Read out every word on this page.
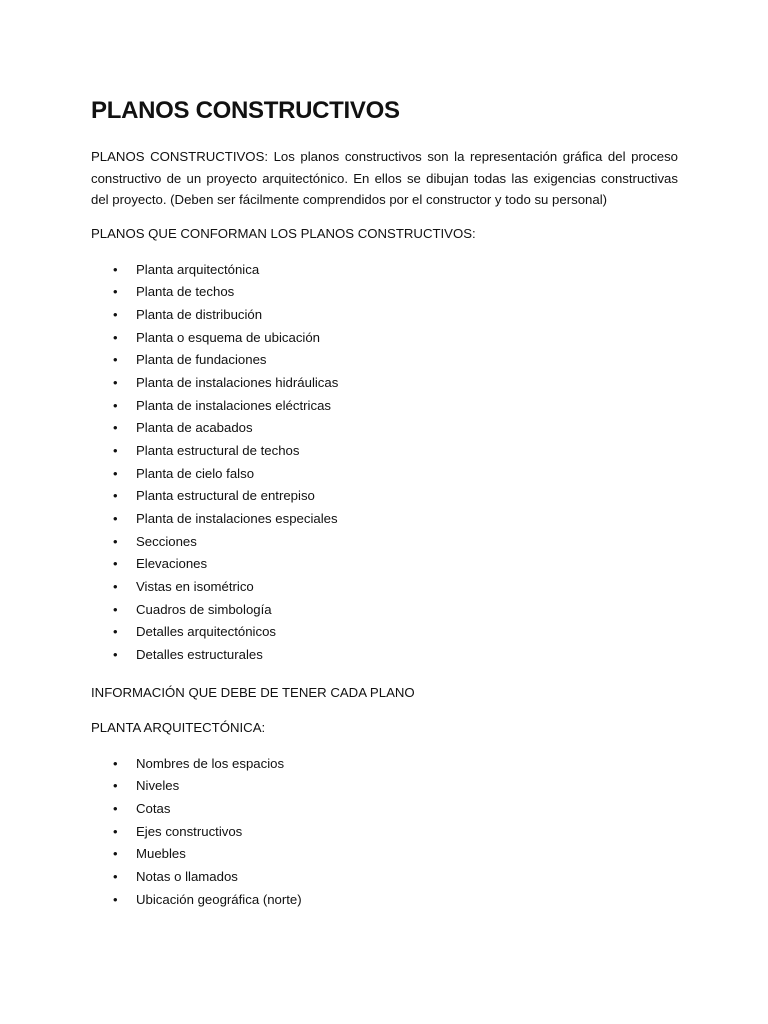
PLANOS CONSTRUCTIVOS

PLANOS CONSTRUCTIVOS: Los planos constructivos son la representación gráfica del proceso constructivo de un proyecto arquitectónico. En ellos se dibujan todas las exigencias constructivas del proyecto. (Deben ser fácilmente comprendidos por el constructor y todo su personal)

PLANOS QUE CONFORMAN LOS PLANOS CONSTRUCTIVOS:
• Planta arquitectónica
• Planta de techos
• Planta de distribución
• Planta o esquema de ubicación
• Planta de fundaciones
• Planta de instalaciones hidráulicas
• Planta de instalaciones eléctricas
• Planta de acabados
• Planta estructural de techos
• Planta de cielo falso
• Planta estructural de entrepiso
• Planta de instalaciones especiales
• Secciones
• Elevaciones
• Vistas en isométrico
• Cuadros de simbología
• Detalles arquitectónicos
• Detalles estructurales
INFORMACIÓN QUE DEBE DE TENER CADA PLANO
PLANTA ARQUITECTÓNICA:
• Nombres de los espacios
• Niveles
• Cotas
• Ejes constructivos
• Muebles
• Notas o llamados
• Ubicación geográfica (norte)
